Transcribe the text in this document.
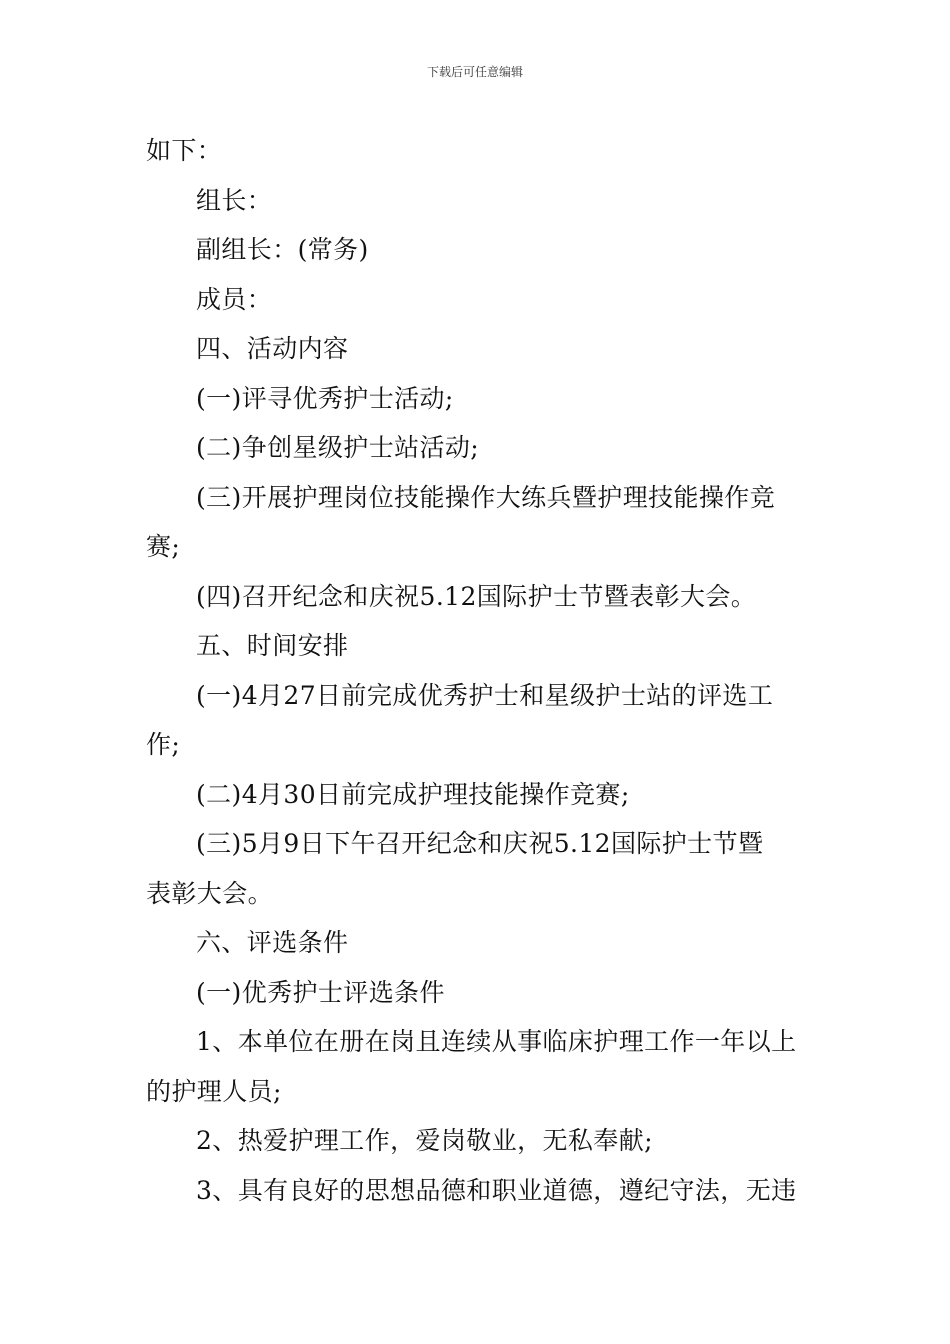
下载后可任意编辑
如下：
组长：
副组长：(常务)
成员：
四、活动内容
(一)评寻优秀护士活动;
(二)争创星级护士站活动;
(三)开展护理岗位技能操作大练兵暨护理技能操作竞
赛;
(四)召开纪念和庆祝5.12国际护士节暨表彰大会。
五、时间安排
(一)4月27日前完成优秀护士和星级护士站的评选工
作;
(二)4月30日前完成护理技能操作竞赛;
(三)5月9日下午召开纪念和庆祝5.12国际护士节暨
表彰大会。
六、评选条件
(一)优秀护士评选条件
1、本单位在册在岗且连续从事临床护理工作一年以上
的护理人员;
2、热爱护理工作，爱岗敬业，无私奉献;
3、具有良好的思想品德和职业道德，遵纪守法，无违
